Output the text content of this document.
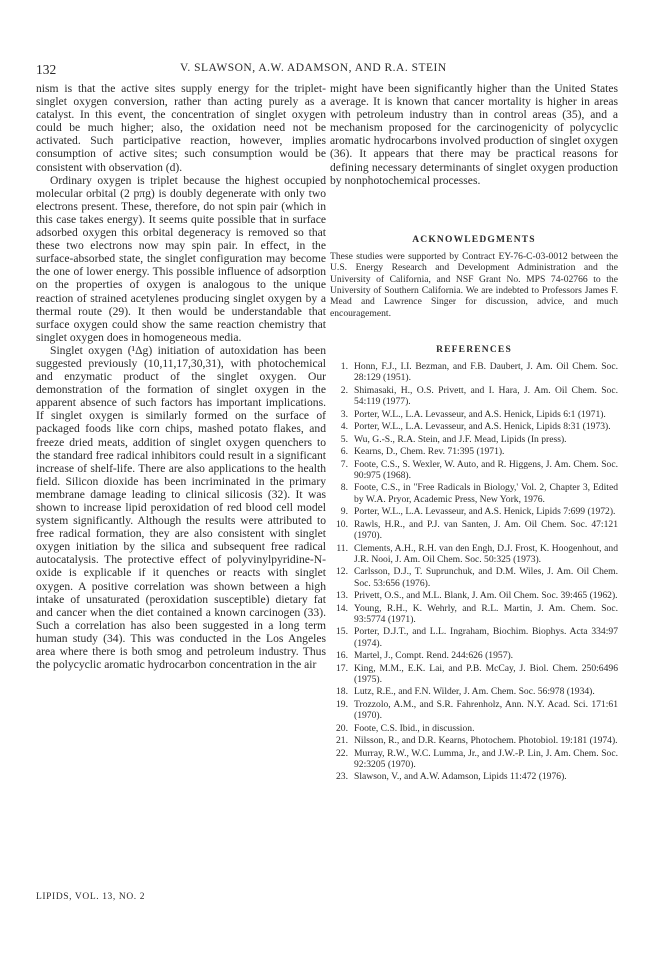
132	V. SLAWSON, A.W. ADAMSON, AND R.A. STEIN

nism is that the active sites supply energy for the triplet-singlet oxygen conversion, rather than acting purely as a catalyst. In this event, the concentration of singlet oxygen could be much higher; also, the oxidation need not be activated. Such participative reaction, however, implies consumption of active sites; such consumption would be consistent with observation (d).

Ordinary oxygen is triplet because the highest occupied molecular orbital (2 pπg) is doubly degenerate with only two electrons present. These, therefore, do not spin pair (which in this case takes energy). It seems quite possible that in surface adsorbed oxygen this orbital degeneracy is removed so that these two electrons now may spin pair. In effect, in the surface-absorbed state, the singlet configuration may become the one of lower energy. This possible influence of adsorption on the properties of oxygen is analogous to the unique reaction of strained acetylenes producing singlet oxygen by a thermal route (29). It then would be understandable that surface oxygen could show the same reaction chemistry that singlet oxygen does in homogeneous media.

Singlet oxygen (¹Δg) initiation of autoxidation has been suggested previously (10,11,17,30,31), with photochemical and enzymatic product of the singlet oxygen. Our demonstration of the formation of singlet oxygen in the apparent absence of such factors has important implications. If singlet oxygen is similarly formed on the surface of packaged foods like corn chips, mashed potato flakes, and freeze dried meats, addition of singlet oxygen quenchers to the standard free radical inhibitors could result in a significant increase of shelf-life. There are also applications to the health field. Silicon dioxide has been incriminated in the primary membrane damage leading to clinical silicosis (32). It was shown to increase lipid peroxidation of red blood cell model system significantly. Although the results were attributed to free radical formation, they are also consistent with singlet oxygen initiation by the silica and subsequent free radical autocatalysis. The protective effect of polyvinylpyridine-N-oxide is explicable if it quenches or reacts with singlet oxygen. A positive correlation was shown between a high intake of unsaturated (peroxidation susceptible) dietary fat and cancer when the diet contained a known carcinogen (33). Such a correlation has also been suggested in a long term human study (34). This was conducted in the Los Angeles area where there is both smog and petroleum industry. Thus the polycyclic aromatic hydrocarbon concentration in the air

might have been significantly higher than the United States average. It is known that cancer mortality is higher in areas with petroleum industry than in control areas (35), and a mechanism proposed for the carcinogenicity of polycyclic aromatic hydrocarbons involved production of singlet oxygen (36). It appears that there may be practical reasons for defining necessary determinants of singlet oxygen production by nonphotochemical processes.

ACKNOWLEDGMENTS

These studies were supported by Contract EY-76-C-03-0012 between the U.S. Energy Research and Development Administration and the University of California, and NSF Grant No. MPS 74-02766 to the University of Southern California. We are indebted to Professors James F. Mead and Lawrence Singer for discussion, advice, and much encouragement.

REFERENCES
1. Honn, F.J., I.I. Bezman, and F.B. Daubert, J. Am. Oil Chem. Soc. 28:129 (1951).
2. Shimasaki, H., O.S. Privett, and I. Hara, J. Am. Oil Chem. Soc. 54:119 (1977).
3. Porter, W.L., L.A. Levasseur, and A.S. Henick, Lipids 6:1 (1971).
4. Porter, W.L., L.A. Levasseur, and A.S. Henick, Lipids 8:31 (1973).
5. Wu, G.-S., R.A. Stein, and J.F. Mead, Lipids (In press).
6. Kearns, D., Chem. Rev. 71:395 (1971).
7. Foote, C.S., S. Wexler, W. Auto, and R. Higgens, J. Am. Chem. Soc. 90:975 (1968).
8. Foote, C.S., in "Free Radicals in Biology,' Vol. 2, Chapter 3, Edited by W.A. Pryor, Academic Press, New York, 1976.
9. Porter, W.L., L.A. Levasseur, and A.S. Henick, Lipids 7:699 (1972).
10. Rawls, H.R., and P.J. van Santen, J. Am. Oil Chem. Soc. 47:121 (1970).
11. Clements, A.H., R.H. van den Engh, D.J. Frost, K. Hoogenhout, and J.R. Nooi, J. Am. Oil Chem. Soc. 50:325 (1973).
12. Carlsson, D.J., T. Suprunchuk, and D.M. Wiles, J. Am. Oil Chem. Soc. 53:656 (1976).
13. Privett, O.S., and M.L. Blank, J. Am. Oil Chem. Soc. 39:465 (1962).
14. Young, R.H., K. Wehrly, and R.L. Martin, J. Am. Chem. Soc. 93:5774 (1971).
15. Porter, D.J.T., and L.L. Ingraham, Biochim. Biophys. Acta 334:97 (1974).
16. Martel, J., Compt. Rend. 244:626 (1957).
17. King, M.M., E.K. Lai, and P.B. McCay, J. Biol. Chem. 250:6496 (1975).
18. Lutz, R.E., and F.N. Wilder, J. Am. Chem. Soc. 56:978 (1934).
19. Trozzolo, A.M., and S.R. Fahrenholz, Ann. N.Y. Acad. Sci. 171:61 (1970).
20. Foote, C.S. Ibid., in discussion.
21. Nilsson, R., and D.R. Kearns, Photochem. Photobiol. 19:181 (1974).
22. Murray, R.W., W.C. Lumma, Jr., and J.W.-P. Lin, J. Am. Chem. Soc. 92:3205 (1970).
23. Slawson, V., and A.W. Adamson, Lipids 11:472 (1976).
LIPIDS, VOL. 13, NO. 2
